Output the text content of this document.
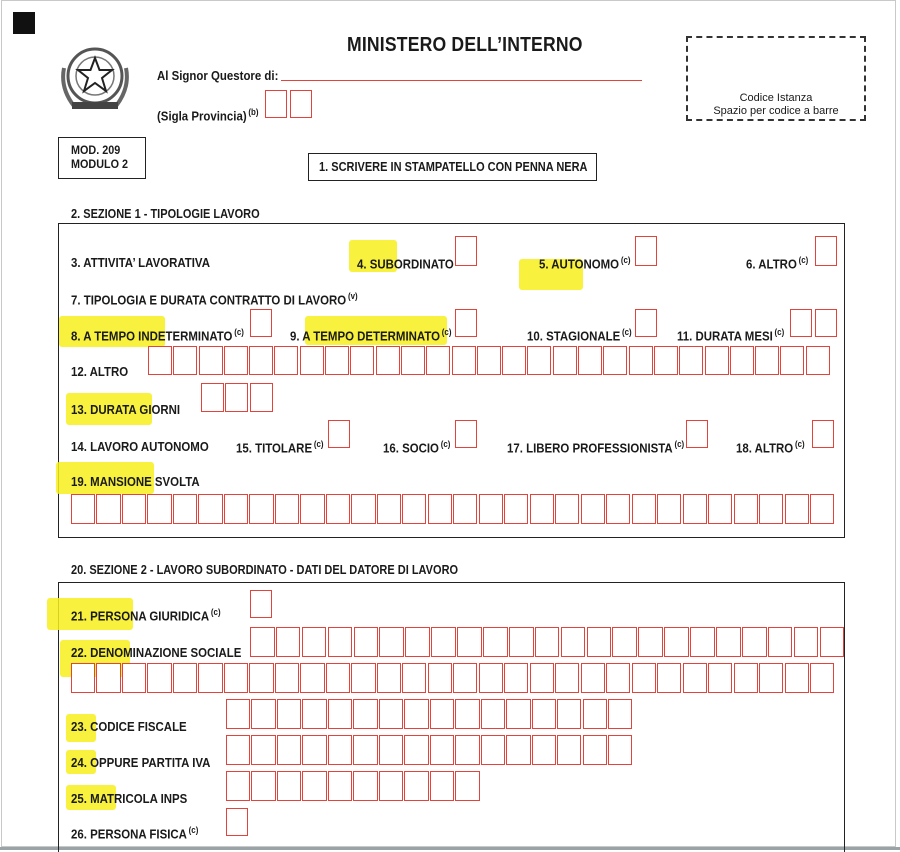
MINISTERO DELL’INTERNO
Al Signor Questore di:
(Sigla Provincia) $^{(b)}$
Codice Istanza
Spazio per codice a barre
MOD. 209
MODULO 2	1. SCRIVERE IN STAMPATELLO CON PENNA NERA
2. SEZIONE 1 - TIPOLOGIE LAVORO
3. ATTIVITA’ LAVORATIVA	4. SUBORDINATO	5. AUTONOMO $^{(c)}$	6. ALTRO $^{(c)}$
7. TIPOLOGIA E DURATA CONTRATTO DI LAVORO $^{(v)}$
8. A TEMPO INDETERMINATO $^{(c)}$	9. A TEMPO DETERMINATO $^{(c)}$	10. STAGIONALE $^{(c)}$	11. DURATA MESI $^{(c)}$
12. ALTRO
13. DURATA GIORNI
14. LAVORO AUTONOMO 15. TITOLARE $^{(c)}$	16. SOCIO $^{(c)}$	17. LIBERO PROFESSIONISTA $^{(c)}$	18. ALTRO $^{(c)}$
19. MANSIONE SVOLTA
20. SEZIONE 2 - LAVORO SUBORDINATO - DATI DEL DATORE DI LAVORO
21. PERSONA GIURIDICA $^{(c)}$
22. DENOMINAZIONE SOCIALE
23. CODICE FISCALE
24. OPPURE PARTITA IVA
25. MATRICOLA INPS
26. PERSONA FISICA $^{(c)}$
